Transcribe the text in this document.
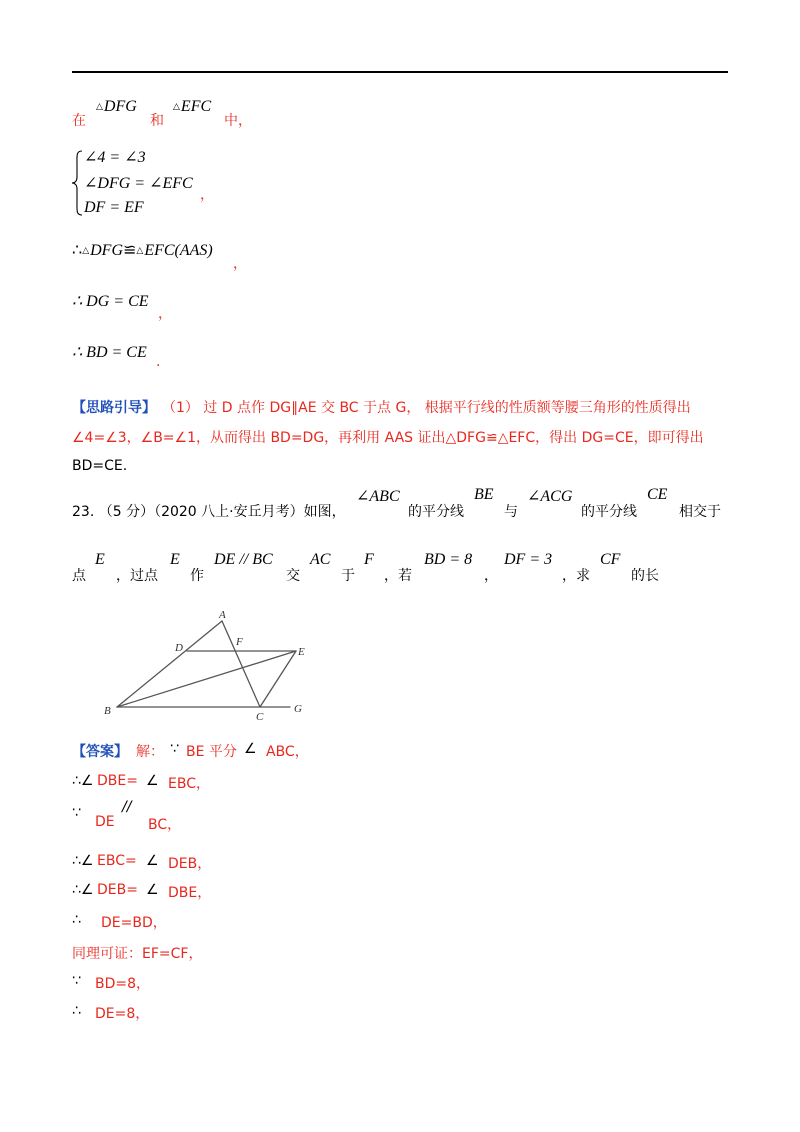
在
△DFG
和
△EFC
中，
∠4 = ∠3
∠DFG = ∠EFC
DF = EF
，
∴△DFG≌△EFC(AAS)
，
∴ DG = CE
，
∴ BD = CE
.
【思路引导】 （1） 过 D 点作 DG∥AE 交 BC 于点 G， 根据平行线的性质额等腰三角形的性质得出
∠4=∠3，∠B=∠1，从而得出 BD=DG，再利用 AAS 证出△DFG≌△EFC，得出 DG=CE，即可得出
BD=CE.
23. （5 分）（2020 八上·安丘月考）如图，
∠ABC
的平分线
BE
与
∠ACG
的平分线
CE
相交于
点
E
，过点
E
作
DE // BC
交
AC
于
F
，若
BD = 8
，
DF = 3
，求
CF
的长
A
F
D	E
B	C
G
【答案】 解： ∵ BE 平分 ∠ ABC，
∴∠ DBE= ∠ EBC，
∵
DE
//
BC，
∴∠ EBC= ∠ DEB，
∴∠ DEB= ∠ DBE，
∴ DE=BD，
同理可证：EF=CF，
∵ BD=8，
∴ DE=8，
